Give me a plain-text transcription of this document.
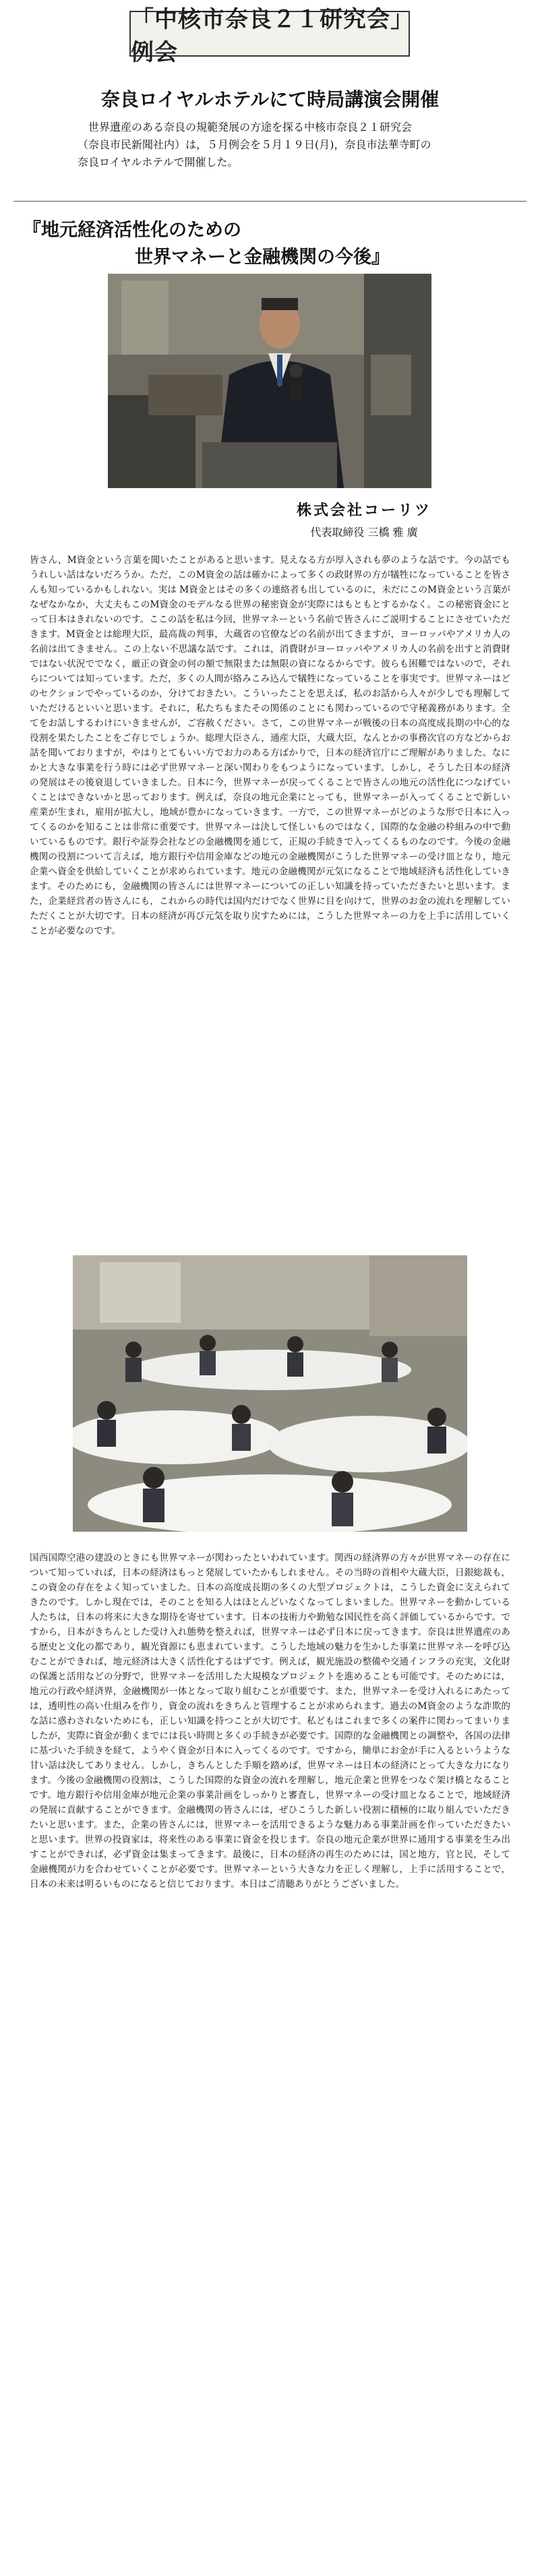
「中核市奈良２１研究会」例会
奈良ロイヤルホテルにて時局講演会開催

世界遺産のある奈良の規範発展の方途を探る中核市奈良２１研究会

（奈良市民新聞社内）は，５月例会を５月１９日(月)，奈良市法華寺町の

奈良ロイヤルホテルで開催した。

『地元経済活性化のための
世界マネーと金融機関の今後』
株式会社コーリツ
代表取締役 三橋 雅 廣
皆さん，M資金という言葉を聞いたことがあると思います。見えなる方が厚入されも夢のような話です。今の話でもうれしい話はないだろうか。ただ，このM資金の話は確かによって多くの政財界の方が犠牲になっていることを皆さんも知っているかもしれない。実は M資金とはその多くの連絡者も出しているのに，未だにこのM資金という言葉がなぜなかなか，大丈夫もこのM資金のモデルなる世界の秘密資金が実際にはもともとするかなく。この秘密資金にとって日本はきれないのです。ここの話を私は今回，世界マネーという名前で皆さんにご説明することにさせていただきます。M資金とは総理大臣，最高裁の判事，大蔵省の官僚などの名前が出てきますが，ヨーロッパやアメリカ人の名前は出てきません。この上ない不思議な話です。これは，消費財がヨーロッパやアメリカ人の名前を出すと消費財ではない状況ででなく，厳正の資金の何の額で無限または無限の資になるからです。彼らも困難ではないので，それらについては知っています。ただ，多くの人間が絡みこみ込んで犠牲になっていることを事実です。世界マネーはどのセクションでやっているのか，分けておきたい。こういったことを思えば，私のお話から人々が少しでも理解していただけるといいと思います。それに，私たちもまたその関係のことにも関わっているので守秘義務があります。全てをお話しするわけにいきませんが，ご容赦ください。さて，この世界マネーが戦後の日本の高度成長期の中心的な役割を果たしたことをご存じでしょうか。総理大臣さん，通産大臣，大蔵大臣，なんとかの事務次官の方などからお話を聞いておりますが，やはりとてもいい方でお力のある方ばかりで，日本の経済官庁にご理解がありました。なにかと大きな事業を行う時には必ず世界マネーと深い関わりをもつようになっています。しかし，そうした日本の経済の発展はその後衰退していきました。日本に今，世界マネーが戻ってくることで皆さんの地元の活性化につなげていくことはできないかと思っております。例えば，奈良の地元企業にとっても，世界マネーが入ってくることで新しい産業が生まれ，雇用が拡大し，地域が豊かになっていきます。一方で，この世界マネーがどのような形で日本に入ってくるのかを知ることは非常に重要です。世界マネーは決して怪しいものではなく，国際的な金融の枠組みの中で動いているものです。銀行や証券会社などの金融機関を通じて，正規の手続きで入ってくるものなのです。今後の金融機関の役割について言えば，地方銀行や信用金庫などの地元の金融機関がこうした世界マネーの受け皿となり，地元企業へ資金を供給していくことが求められています。地元の金融機関が元気になることで地域経済も活性化していきます。そのためにも，金融機関の皆さんには世界マネーについての正しい知識を持っていただきたいと思います。また，企業経営者の皆さんにも，これからの時代は国内だけでなく世界に目を向けて，世界のお金の流れを理解していただくことが大切です。日本の経済が再び元気を取り戻すためには，こうした世界マネーの力を上手に活用していくことが必要なのです。
国西国際空港の建設のときにも世界マネーが関わったといわれています。関西の経済界の方々が世界マネーの存在について知っていれば，日本の経済はもっと発展していたかもしれません。その当時の首相や大蔵大臣，日銀総裁も，この資金の存在をよく知っていました。日本の高度成長期の多くの大型プロジェクトは，こうした資金に支えられてきたのです。しかし現在では，そのことを知る人はほとんどいなくなってしまいました。世界マネーを動かしている人たちは，日本の将来に大きな期待を寄せています。日本の技術力や勤勉な国民性を高く評価しているからです。ですから，日本がきちんとした受け入れ態勢を整えれば，世界マネーは必ず日本に戻ってきます。奈良は世界遺産のある歴史と文化の都であり，観光資源にも恵まれています。こうした地域の魅力を生かした事業に世界マネーを呼び込むことができれば，地元経済は大きく活性化するはずです。例えば，観光施設の整備や交通インフラの充実，文化財の保護と活用などの分野で，世界マネーを活用した大規模なプロジェクトを進めることも可能です。そのためには，地元の行政や経済界，金融機関が一体となって取り組むことが重要です。また，世界マネーを受け入れるにあたっては，透明性の高い仕組みを作り，資金の流れをきちんと管理することが求められます。過去のM資金のような詐欺的な話に惑わされないためにも，正しい知識を持つことが大切です。私どもはこれまで多くの案件に関わってまいりましたが，実際に資金が動くまでには長い時間と多くの手続きが必要です。国際的な金融機関との調整や，各国の法律に基づいた手続きを経て，ようやく資金が日本に入ってくるのです。ですから，簡単にお金が手に入るというような甘い話は決してありません。しかし，きちんとした手順を踏めば，世界マネーは日本の経済にとって大きな力になります。今後の金融機関の役割は，こうした国際的な資金の流れを理解し，地元企業と世界をつなぐ架け橋となることです。地方銀行や信用金庫が地元企業の事業計画をしっかりと審査し，世界マネーの受け皿となることで，地域経済の発展に貢献することができます。金融機関の皆さんには，ぜひこうした新しい役割に積極的に取り組んでいただきたいと思います。また，企業の皆さんには，世界マネーを活用できるような魅力ある事業計画を作っていただきたいと思います。世界の投資家は，将来性のある事業に資金を投じます。奈良の地元企業が世界に通用する事業を生み出すことができれば，必ず資金は集まってきます。最後に，日本の経済の再生のためには，国と地方，官と民，そして金融機関が力を合わせていくことが必要です。世界マネーという大きな力を正しく理解し，上手に活用することで，日本の未来は明るいものになると信じております。本日はご清聴ありがとうございました。
